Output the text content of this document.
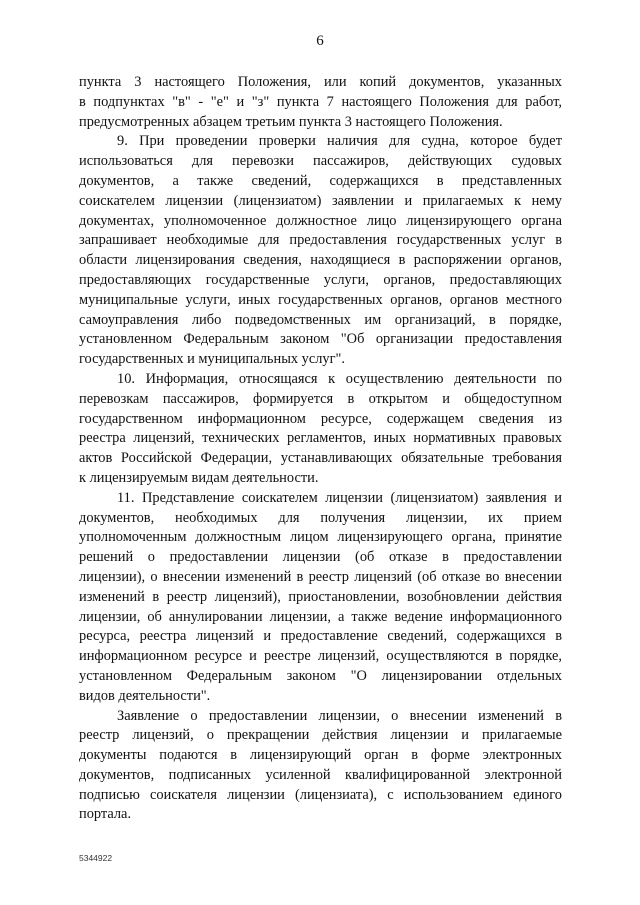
6
пункта 3 настоящего Положения, или копий документов, указанных
в подпунктах "в" - "е" и "з" пункта 7 настоящего Положения для работ,
предусмотренных абзацем третьим пункта 3 настоящего Положения.
9. При проведении проверки наличия для судна, которое будет
использоваться для перевозки пассажиров, действующих судовых
документов, а также сведений, содержащихся в представленных
соискателем лицензии (лицензиатом) заявлении и прилагаемых к нему
документах, уполномоченное должностное лицо лицензирующего органа
запрашивает необходимые для предоставления государственных услуг в
области лицензирования сведения, находящиеся в распоряжении органов,
предоставляющих государственные услуги, органов, предоставляющих
муниципальные услуги, иных государственных органов, органов местного
самоуправления либо подведомственных им организаций, в порядке,
установленном Федеральным законом "Об организации предоставления
государственных и муниципальных услуг".
10. Информация, относящаяся к осуществлению деятельности по
перевозкам пассажиров, формируется в открытом и общедоступном
государственном информационном ресурсе, содержащем сведения из
реестра лицензий, технических регламентов, иных нормативных правовых
актов Российской Федерации, устанавливающих обязательные требования
к лицензируемым видам деятельности.
11. Представление соискателем лицензии (лицензиатом) заявления и
документов, необходимых для получения лицензии, их прием
уполномоченным должностным лицом лицензирующего органа, принятие
решений о предоставлении лицензии (об отказе в предоставлении
лицензии), о внесении изменений в реестр лицензий (об отказе во внесении
изменений в реестр лицензий), приостановлении, возобновлении действия
лицензии, об аннулировании лицензии, а также ведение информационного
ресурса, реестра лицензий и предоставление сведений, содержащихся в
информационном ресурсе и реестре лицензий, осуществляются в порядке,
установленном Федеральным законом "О лицензировании отдельных
видов деятельности".
Заявление о предоставлении лицензии, о внесении изменений в
реестр лицензий, о прекращении действия лицензии и прилагаемые
документы подаются в лицензирующий орган в форме электронных
документов, подписанных усиленной квалифицированной электронной
подписью соискателя лицензии (лицензиата), с использованием единого
портала.
5344922
